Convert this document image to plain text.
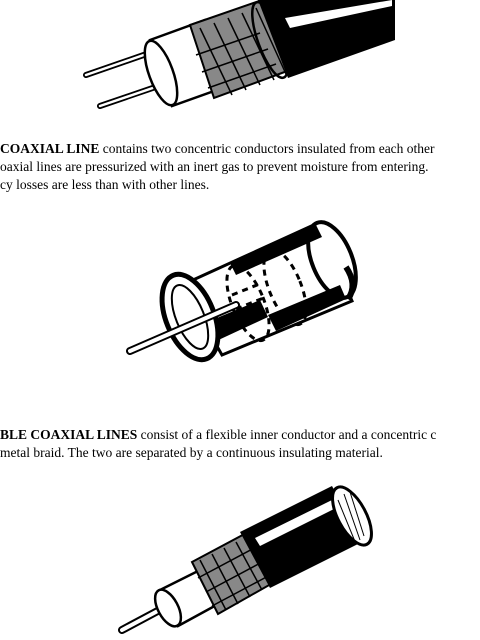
COAXIAL LINE contains two concentric conductors insulated from each other
oaxial lines are pressurized with an inert gas to prevent moisture from entering.
cy losses are less than with other lines.

BLE COAXIAL LINES consist of a flexible inner conductor and a concentric c
metal braid. The two are separated by a continuous insulating material.
